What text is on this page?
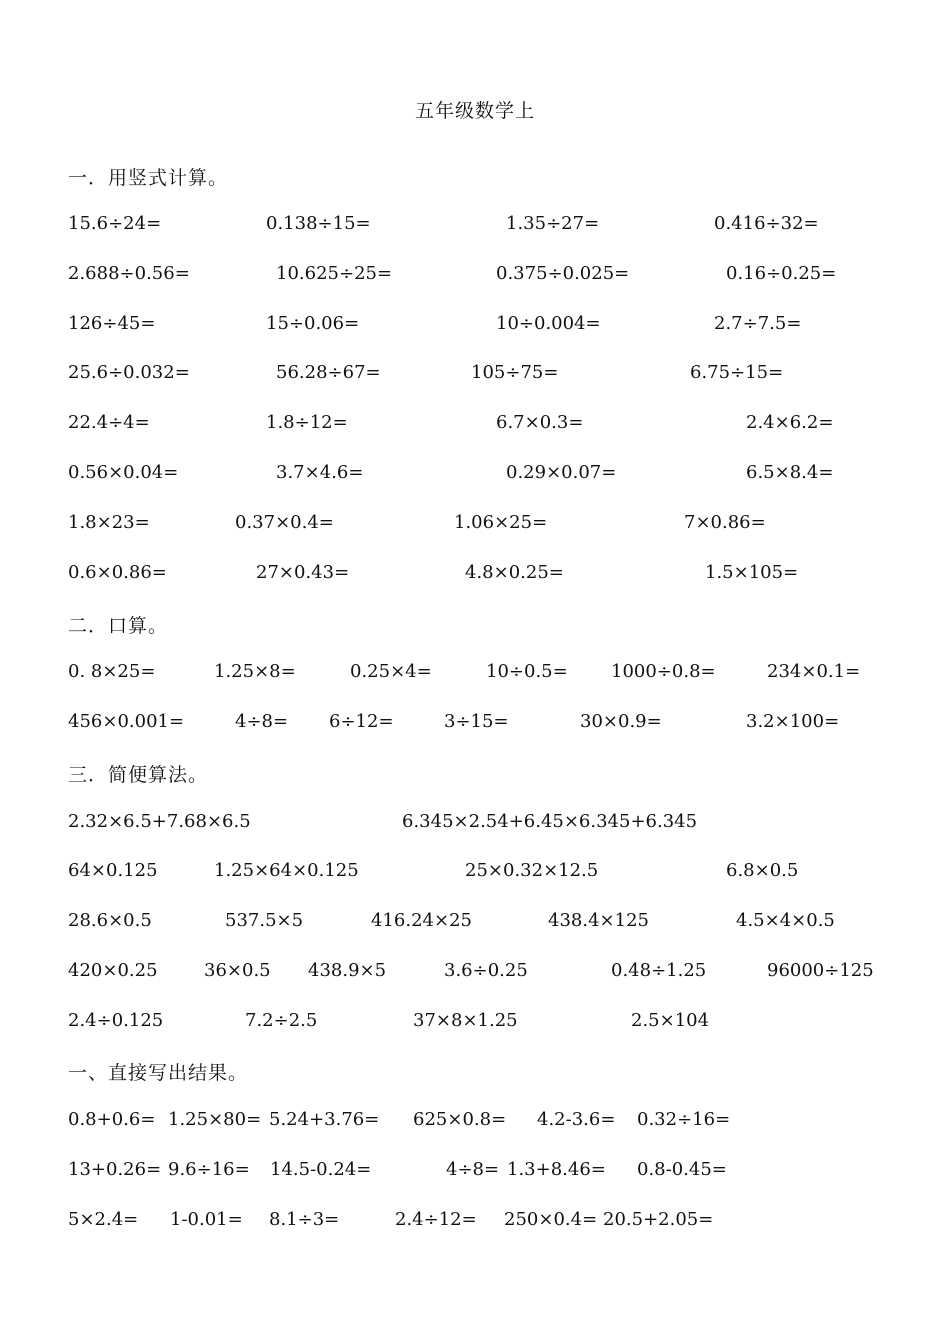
五年级数学上
一．用竖式计算。
二．口算。
三．简便算法。
一、直接写出结果。
15.6÷24=	0.138÷15=	1.35÷27=	0.416÷32=
2.688÷0.56=	10.625÷25=	0.375÷0.025=	0.16÷0.25=
126÷45=	15÷0.06=	10÷0.004=	2.7÷7.5=
25.6÷0.032=	56.28÷67=	105÷75=	6.75÷15=
22.4÷4=	1.8÷12=	6.7×0.3=	2.4×6.2=
0.56×0.04=	3.7×4.6=	0.29×0.07=	6.5×8.4=
1.8×23=	0.37×0.4=	1.06×25=	7×0.86=
0.6×0.86=	27×0.43=	4.8×0.25=	1.5×105=
0. 8×25=	1.25×8=	0.25×4=	10÷0.5= 1000÷0.8=	234×0.1=
456×0.001=	4÷8= 6÷12=	3÷15=	30×0.9=	3.2×100=
2.32×6.5+7.68×6.5	6.345×2.54+6.45×6.345+6.345
64×0.125	1.25×64×0.125	25×0.32×12.5	6.8×0.5
28.6×0.5	537.5×5	416.24×25	438.4×125	4.5×4×0.5
420×0.25	36×0.5 438.9×5	3.6÷0.25	0.48÷1.25	96000÷125
2.4÷0.125	7.2÷2.5	37×8×1.25	2.5×104
0.8+0.6= 1.25×80= 5.24+3.76= 625×0.8= 4.2-3.6= 0.32÷16=
13+0.26= 9.6÷16= 14.5-0.24=	4÷8= 1.3+8.46= 0.8-0.45=
5×2.4= 1-0.01= 8.1÷3=	2.4÷12= 250×0.4= 20.5+2.05=
